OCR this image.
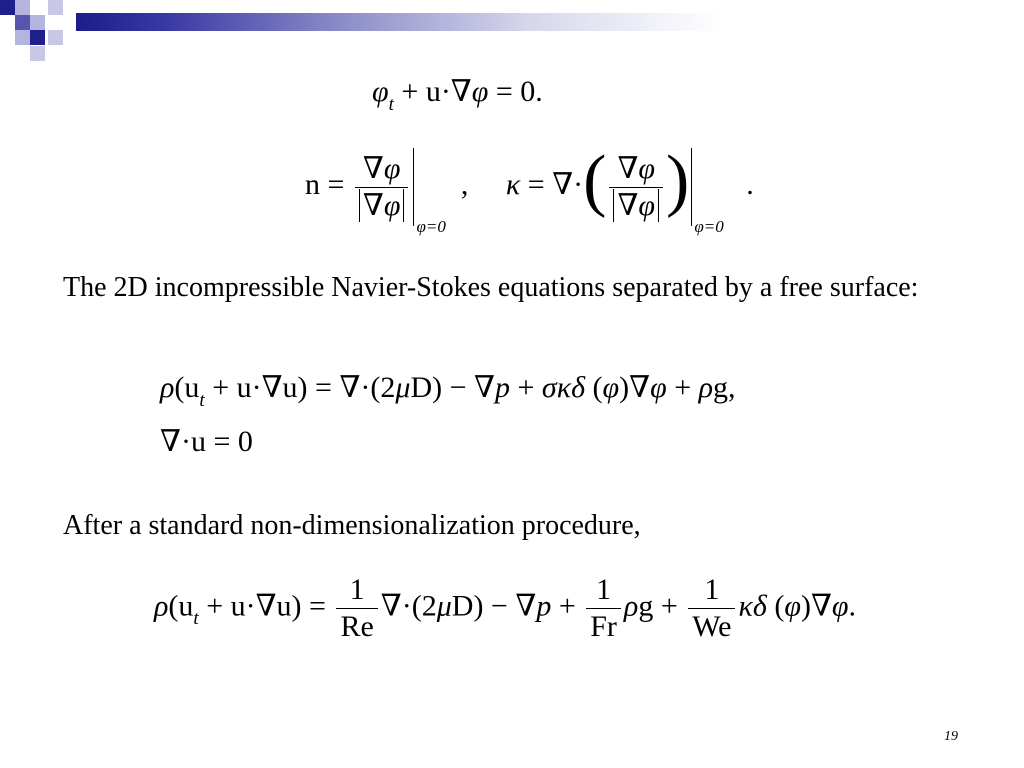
$\varphi_t + u\cdot\nabla\varphi = 0$.
$n = \frac{\nabla\varphi}{\nabla\varphi}$
$_{\varphi=0}$  ,     κ = ∇·( $\frac{\nabla\varphi}{\nabla\varphi} )_{\varphi=0}$   .
The 2D incompressible Navier-Stokes equations separated by a free surface:
$\rho(u_t + u\cdot\nabla u) = \nabla\cdot(2\mu D) - \nabla p + \sigma\kappa\delta$ (φ)∇φ + ρg,
∇·u = 0
After a standard non-dimensionalization procedure,
$\rho(u_t + u\cdot\nabla u) = \frac{1}{Re} \nabla\cdot(2\mu D) - \nabla p + \frac{1}{Fr}$ $\rho g + \frac{1}{We}$ κδ (φ)∇φ.
19
